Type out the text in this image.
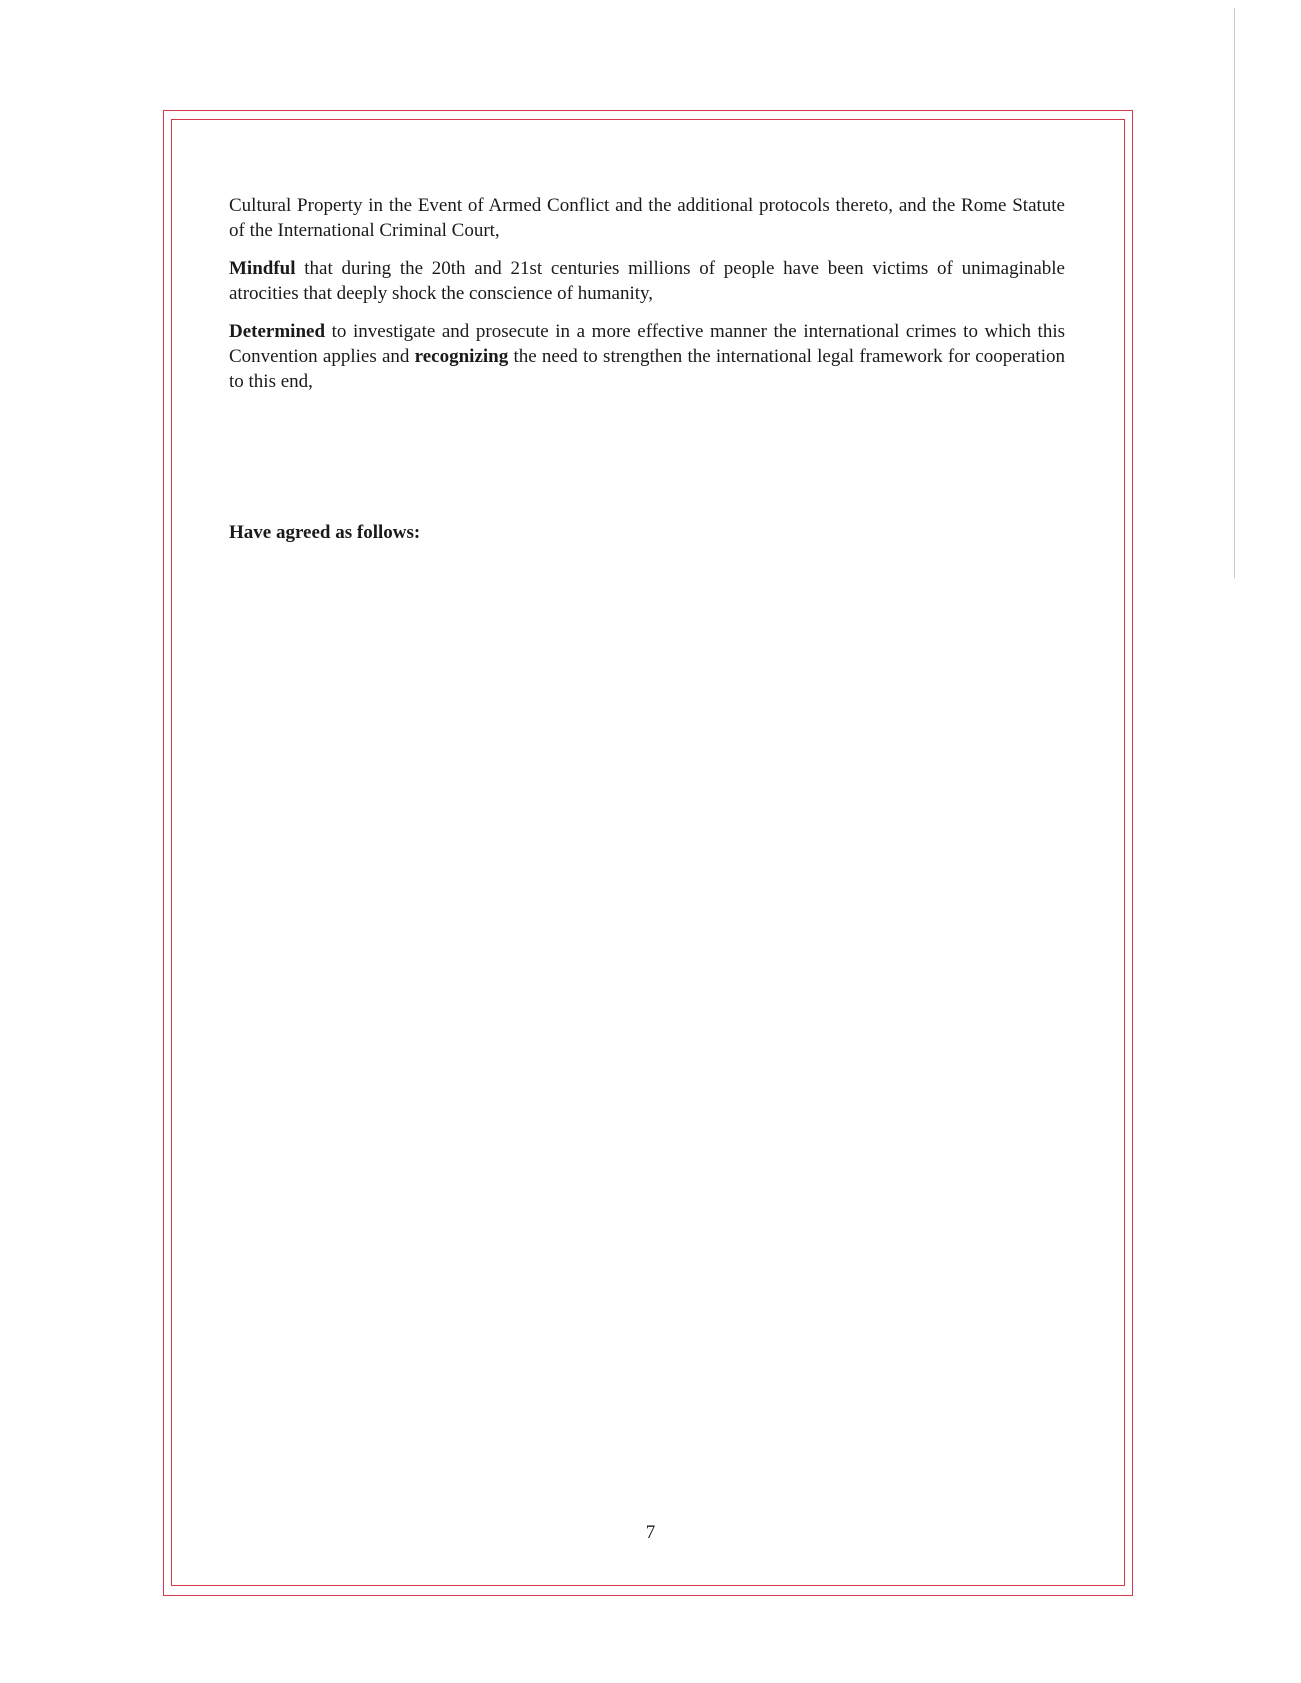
Cultural Property in the Event of Armed Conflict and the additional protocols thereto, and the Rome Statute of the International Criminal Court,

Mindful that during the 20th and 21st centuries millions of people have been victims of unimaginable atrocities that deeply shock the conscience of humanity,

Determined to investigate and prosecute in a more effective manner the international crimes to which this Convention applies and recognizing the need to strengthen the international legal framework for cooperation to this end,

Have agreed as follows:
7
